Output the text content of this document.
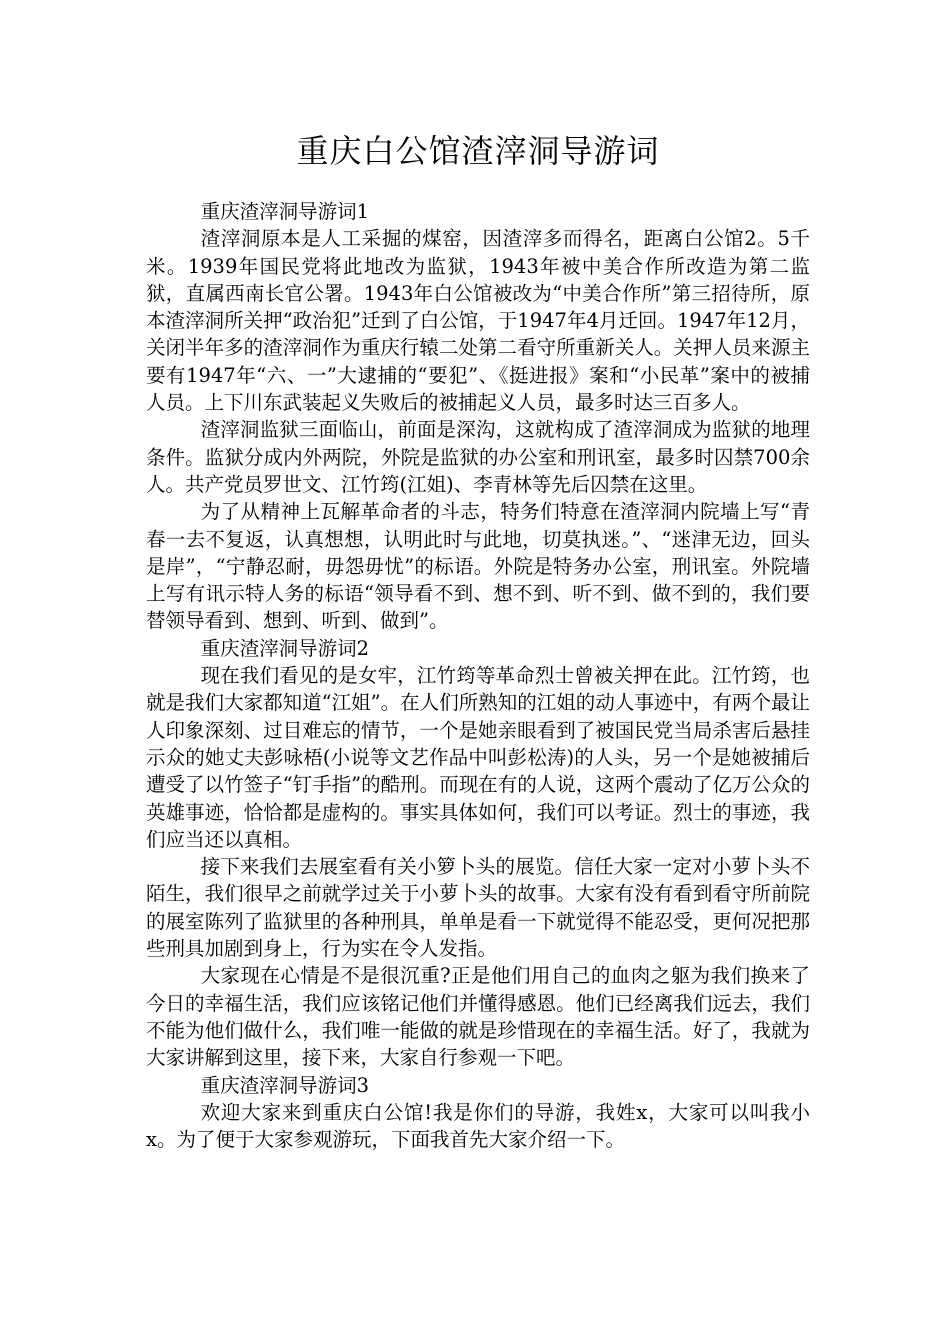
重庆白公馆渣滓洞导游词

重庆渣滓洞导游词1

渣滓洞原本是人工采掘的煤窑，因渣滓多而得名，距离白公馆2。5千米。1939年国民党将此地改为监狱，1943年被中美合作所改造为第二监狱，直属西南长官公署。1943年白公馆被改为“中美合作所”第三招待所，原本渣滓洞所关押“政治犯”迁到了白公馆，于1947年4月迁回。1947年12月，关闭半年多的渣滓洞作为重庆行辕二处第二看守所重新关人。关押人员来源主要有1947年“六、一”大逮捕的“要犯”、《挺进报》案和“小民革”案中的被捕人员。上下川东武装起义失败后的被捕起义人员，最多时达三百多人。

渣滓洞监狱三面临山，前面是深沟，这就构成了渣滓洞成为监狱的地理条件。监狱分成内外两院，外院是监狱的办公室和刑讯室，最多时囚禁700余人。共产党员罗世文、江竹筠(江姐)、李青林等先后囚禁在这里。

为了从精神上瓦解革命者的斗志，特务们特意在渣滓洞内院墙上写“青春一去不复返，认真想想，认明此时与此地，切莫执迷。”、“迷津无边，回头是岸”，“宁静忍耐，毋怨毋忧”的标语。外院是特务办公室，刑讯室。外院墙上写有讯示特人务的标语“领导看不到、想不到、听不到、做不到的，我们要替领导看到、想到、听到、做到”。

重庆渣滓洞导游词2

现在我们看见的是女牢，江竹筠等革命烈士曾被关押在此。江竹筠，也就是我们大家都知道“江姐”。在人们所熟知的江姐的动人事迹中，有两个最让人印象深刻、过目难忘的情节，一个是她亲眼看到了被国民党当局杀害后悬挂示众的她丈夫彭咏梧(小说等文艺作品中叫彭松涛)的人头，另一个是她被捕后遭受了以竹签子“钉手指”的酷刑。而现在有的人说，这两个震动了亿万公众的英雄事迹，恰恰都是虚构的。事实具体如何，我们可以考证。烈士的事迹，我们应当还以真相。

接下来我们去展室看有关小箩卜头的展览。信任大家一定对小萝卜头不陌生，我们很早之前就学过关于小萝卜头的故事。大家有没有看到看守所前院的展室陈列了监狱里的各种刑具，单单是看一下就觉得不能忍受，更何况把那些刑具加剧到身上，行为实在令人发指。

大家现在心情是不是很沉重?正是他们用自己的血肉之躯为我们换来了今日的幸福生活，我们应该铭记他们并懂得感恩。他们已经离我们远去，我们不能为他们做什么，我们唯一能做的就是珍惜现在的幸福生活。好了，我就为大家讲解到这里，接下来，大家自行参观一下吧。

重庆渣滓洞导游词3

欢迎大家来到重庆白公馆!我是你们的导游，我姓x，大家可以叫我小x。为了便于大家参观游玩，下面我首先大家介绍一下。
